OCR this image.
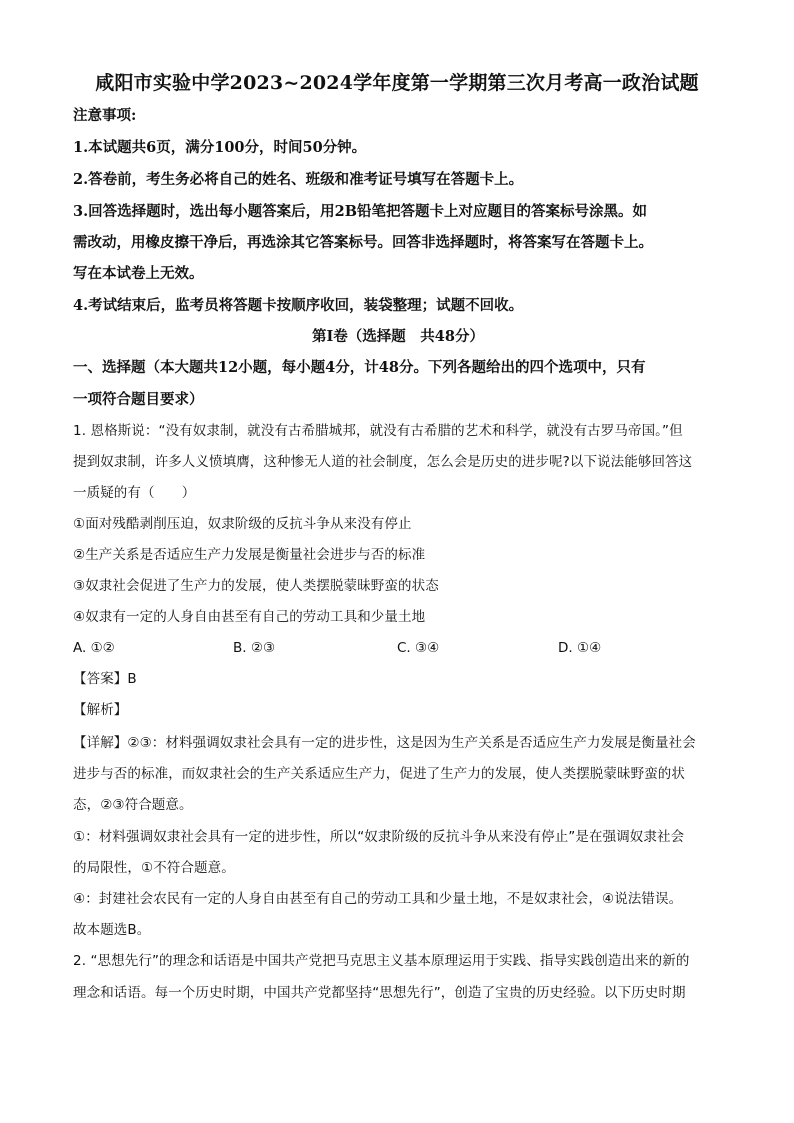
咸阳市实验中学2023~2024学年度第一学期第三次月考高一政治试题
注意事项:
1.本试题共6页，满分100分，时间50分钟。
2.答卷前，考生务必将自己的姓名、班级和准考证号填写在答题卡上。
3.回答选择题时，选出每小题答案后，用2B铅笔把答题卡上对应题目的答案标号涂黑。如
需改动，用橡皮擦干净后，再选涂其它答案标号。回答非选择题时，将答案写在答题卡上。
写在本试卷上无效。
4.考试结束后，监考员将答题卡按顺序收回，装袋整理；试题不回收。
第Ⅰ卷（选择题　共48分）
一、选择题（本大题共12小题，每小题4分，计48分。下列各题给出的四个选项中，只有
一项符合题目要求）
1. 恩格斯说：“没有奴隶制，就没有古希腊城邦，就没有古希腊的艺术和科学，就没有古罗马帝国。”但
提到奴隶制，许多人义愤填膺，这种惨无人道的社会制度，怎么会是历史的进步呢?以下说法能够回答这
一质疑的有（　　）
①面对残酷剥削压迫，奴隶阶级的反抗斗争从来没有停止
②生产关系是否适应生产力发展是衡量社会进步与否的标准
③奴隶社会促进了生产力的发展，使人类摆脱蒙昧野蛮的状态
④奴隶有一定的人身自由甚至有自己的劳动工具和少量土地
A. ①②	B. ②③	C. ③④	D. ①④
【答案】B
【解析】
【详解】②③：材料强调奴隶社会具有一定的进步性，这是因为生产关系是否适应生产力发展是衡量社会
进步与否的标准，而奴隶社会的生产关系适应生产力，促进了生产力的发展，使人类摆脱蒙昧野蛮的状
态，②③符合题意。
①：材料强调奴隶社会具有一定的进步性，所以“奴隶阶级的反抗斗争从来没有停止”是在强调奴隶社会
的局限性，①不符合题意。
④：封建社会农民有一定的人身自由甚至有自己的劳动工具和少量土地，不是奴隶社会，④说法错误。
故本题选B。
2. “思想先行”的理念和话语是中国共产党把马克思主义基本原理运用于实践、指导实践创造出来的新的
理念和话语。每一个历史时期，中国共产党都坚持“思想先行”，创造了宝贵的历史经验。以下历史时期
